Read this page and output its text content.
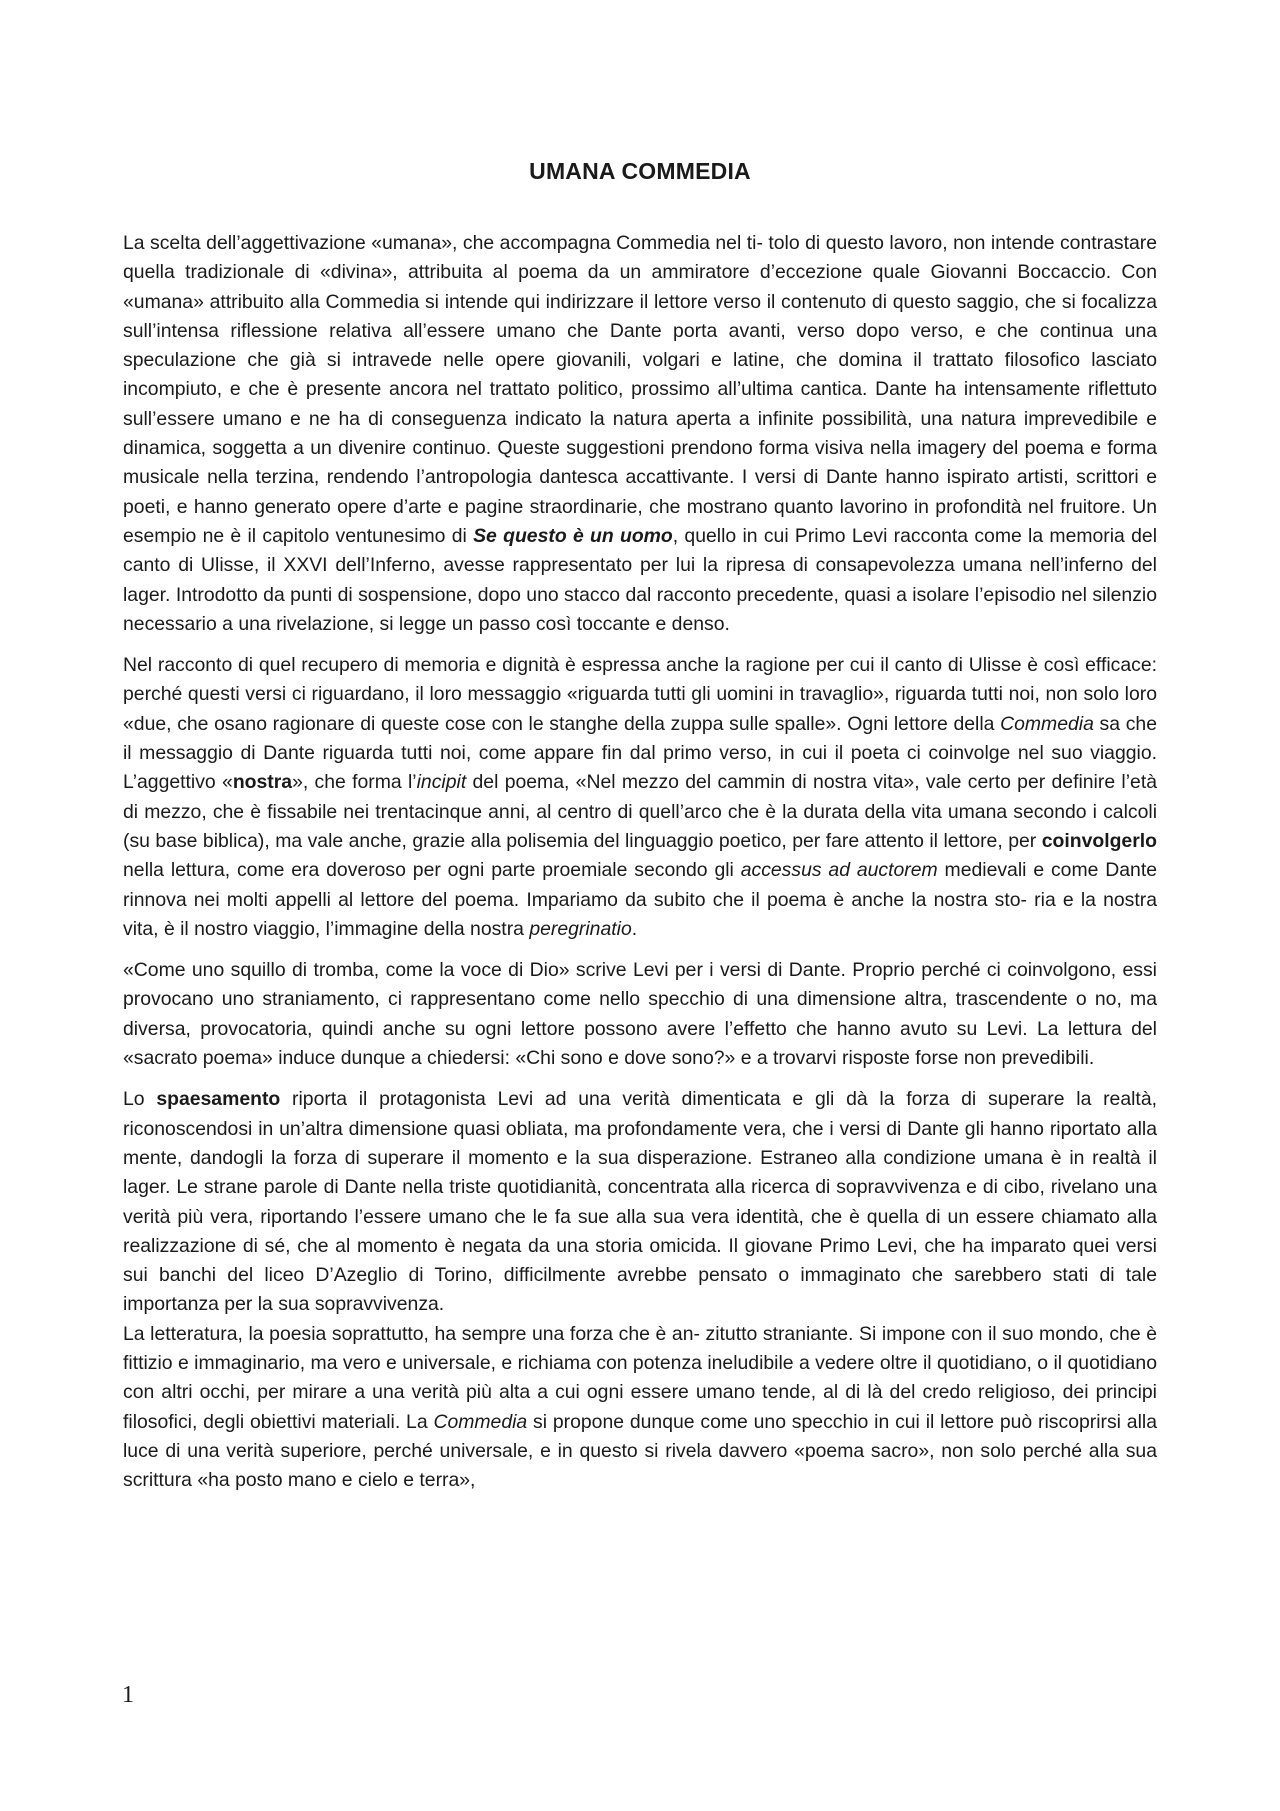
UMANA COMMEDIA

La scelta dell’aggettivazione «umana», che accompagna Commedia nel ti- tolo di questo lavoro, non intende contrastare quella tradizionale di «divina», attribuita al poema da un ammiratore d’eccezione quale Giovanni Boccaccio. Con «umana» attribuito alla Commedia si intende qui indirizzare il lettore verso il contenuto di questo saggio, che si focalizza sull’intensa riflessione relativa all’essere umano che Dante porta avanti, verso dopo verso, e che continua una speculazione che già si intravede nelle opere giovanili, volgari e latine, che domina il trattato filosofico lasciato incompiuto, e che è presente ancora nel trattato politico, prossimo all’ultima cantica. Dante ha intensamente riflettuto sull’essere umano e ne ha di conseguenza indicato la natura aperta a infinite possibilità, una natura imprevedibile e dinamica, soggetta a un divenire continuo. Queste suggestioni prendono forma visiva nella imagery del poema e forma musicale nella terzina, rendendo l’antropologia dantesca accattivante. I versi di Dante hanno ispirato artisti, scrittori e poeti, e hanno generato opere d’arte e pagine straordinarie, che mostrano quanto lavorino in profondità nel fruitore. Un esempio ne è il capitolo ventunesimo di Se questo è un uomo, quello in cui Primo Levi racconta come la memoria del canto di Ulisse, il XXVI dell’Inferno, avesse rappresentato per lui la ripresa di consapevolezza umana nell’inferno del lager. Introdotto da punti di sospensione, dopo uno stacco dal racconto precedente, quasi a isolare l’episodio nel silenzio necessario a una rivelazione, si legge un passo così toccante e denso.

Nel racconto di quel recupero di memoria e dignità è espressa anche la ragione per cui il canto di Ulisse è così efficace: perché questi versi ci riguardano, il loro messaggio «riguarda tutti gli uomini in travaglio», riguarda tutti noi, non solo loro «due, che osano ragionare di queste cose con le stanghe della zuppa sulle spalle». Ogni lettore della Commedia sa che il messaggio di Dante riguarda tutti noi, come appare fin dal primo verso, in cui il poeta ci coinvolge nel suo viaggio. L’aggettivo «nostra», che forma l’incipit del poema, «Nel mezzo del cammin di nostra vita», vale certo per definire l’età di mezzo, che è fissabile nei trentacinque anni, al centro di quell’arco che è la durata della vita umana secondo i calcoli (su base biblica), ma vale anche, grazie alla polisemia del linguaggio poetico, per fare attento il lettore, per coinvolgerlo nella lettura, come era doveroso per ogni parte proemiale secondo gli accessus ad auctorem medievali e come Dante rinnova nei molti appelli al lettore del poema. Impariamo da subito che il poema è anche la nostra sto- ria e la nostra vita, è il nostro viaggio, l’immagine della nostra peregrinatio.

«Come uno squillo di tromba, come la voce di Dio» scrive Levi per i versi di Dante. Proprio perché ci coinvolgono, essi provocano uno straniamento, ci rappresentano come nello specchio di una dimensione altra, trascendente o no, ma diversa, provocatoria, quindi anche su ogni lettore possono avere l’effetto che hanno avuto su Levi. La lettura del «sacrato poema» induce dunque a chiedersi: «Chi sono e dove sono?» e a trovarvi risposte forse non prevedibili.

Lo spaesamento riporta il protagonista Levi ad una verità dimenticata e gli dà la forza di superare la realtà, riconoscendosi in un’altra dimensione quasi obliata, ma profondamente vera, che i versi di Dante gli hanno riportato alla mente, dandogli la forza di superare il momento e la sua disperazione. Estraneo alla condizione umana è in realtà il lager. Le strane parole di Dante nella triste quotidianità, concentrata alla ricerca di sopravvivenza e di cibo, rivelano una verità più vera, riportando l’essere umano che le fa sue alla sua vera identità, che è quella di un essere chiamato alla realizzazione di sé, che al momento è negata da una storia omicida. Il giovane Primo Levi, che ha imparato quei versi sui banchi del liceo D’Azeglio di Torino, difficilmente avrebbe pensato o immaginato che sarebbero stati di tale importanza per la sua sopravvivenza.

La letteratura, la poesia soprattutto, ha sempre una forza che è an- zitutto straniante. Si impone con il suo mondo, che è fittizio e immaginario, ma vero e universale, e richiama con potenza ineludibile a vedere oltre il quotidiano, o il quotidiano con altri occhi, per mirare a una verità più alta a cui ogni essere umano tende, al di là del credo religioso, dei principi filosofici, degli obiettivi materiali. La Commedia si propone dunque come uno specchio in cui il lettore può riscoprirsi alla luce di una verità superiore, perché universale, e in questo si rivela davvero «poema sacro», non solo perché alla sua scrittura «ha posto mano e cielo e terra»,

1
